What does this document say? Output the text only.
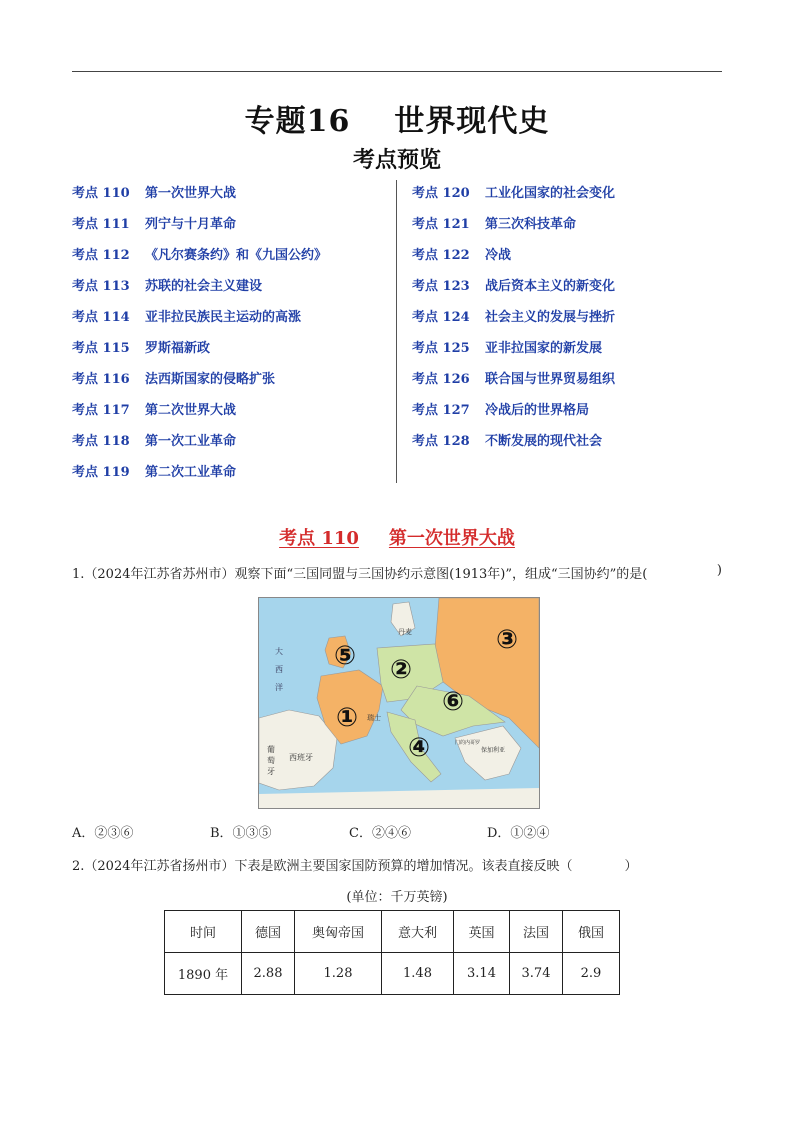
专题16 世界现代史
考点预览
考点 110 第一次世界大战
考点 111 列宁与十月革命
考点 112 《凡尔赛条约》和《九国公约》
考点 113 苏联的社会主义建设
考点 114 亚非拉民族民主运动的高涨
考点 115 罗斯福新政
考点 116 法西斯国家的侵略扩张
考点 117 第二次世界大战
考点 118 第一次工业革命
考点 119 第二次工业革命
考点 120 工业化国家的社会变化
考点 121 第三次科技革命
考点 122 冷战
考点 123 战后资本主义的新变化
考点 124 社会主义的发展与挫折
考点 125 亚非拉国家的新发展
考点 126 联合国与世界贸易组织
考点 127 冷战后的世界格局
考点 128 不断发展的现代社会
考点 110 第一次世界大战
1.（2024年江苏省苏州市）观察下面“三国同盟与三国协约示意图(1913年)”，组成“三国协约”的是(	)
丹麦
瑞士
葡
萄
牙
西班牙
大
西
洋
保加利亚
门的内哥罗
①
②
③
④
⑤
⑥
A．②③⑥	B．①③⑤	C．②④⑥	D．①②④
2.（2024年江苏省扬州市）下表是欧洲主要国家国防预算的增加情况。该表直接反映（	）
(单位：千万英镑)
时间	德国	奥匈帝国	意大利	英国	法国	俄国
1890 年	2.88	1.28	1.48	3.14	3.74	2.9
